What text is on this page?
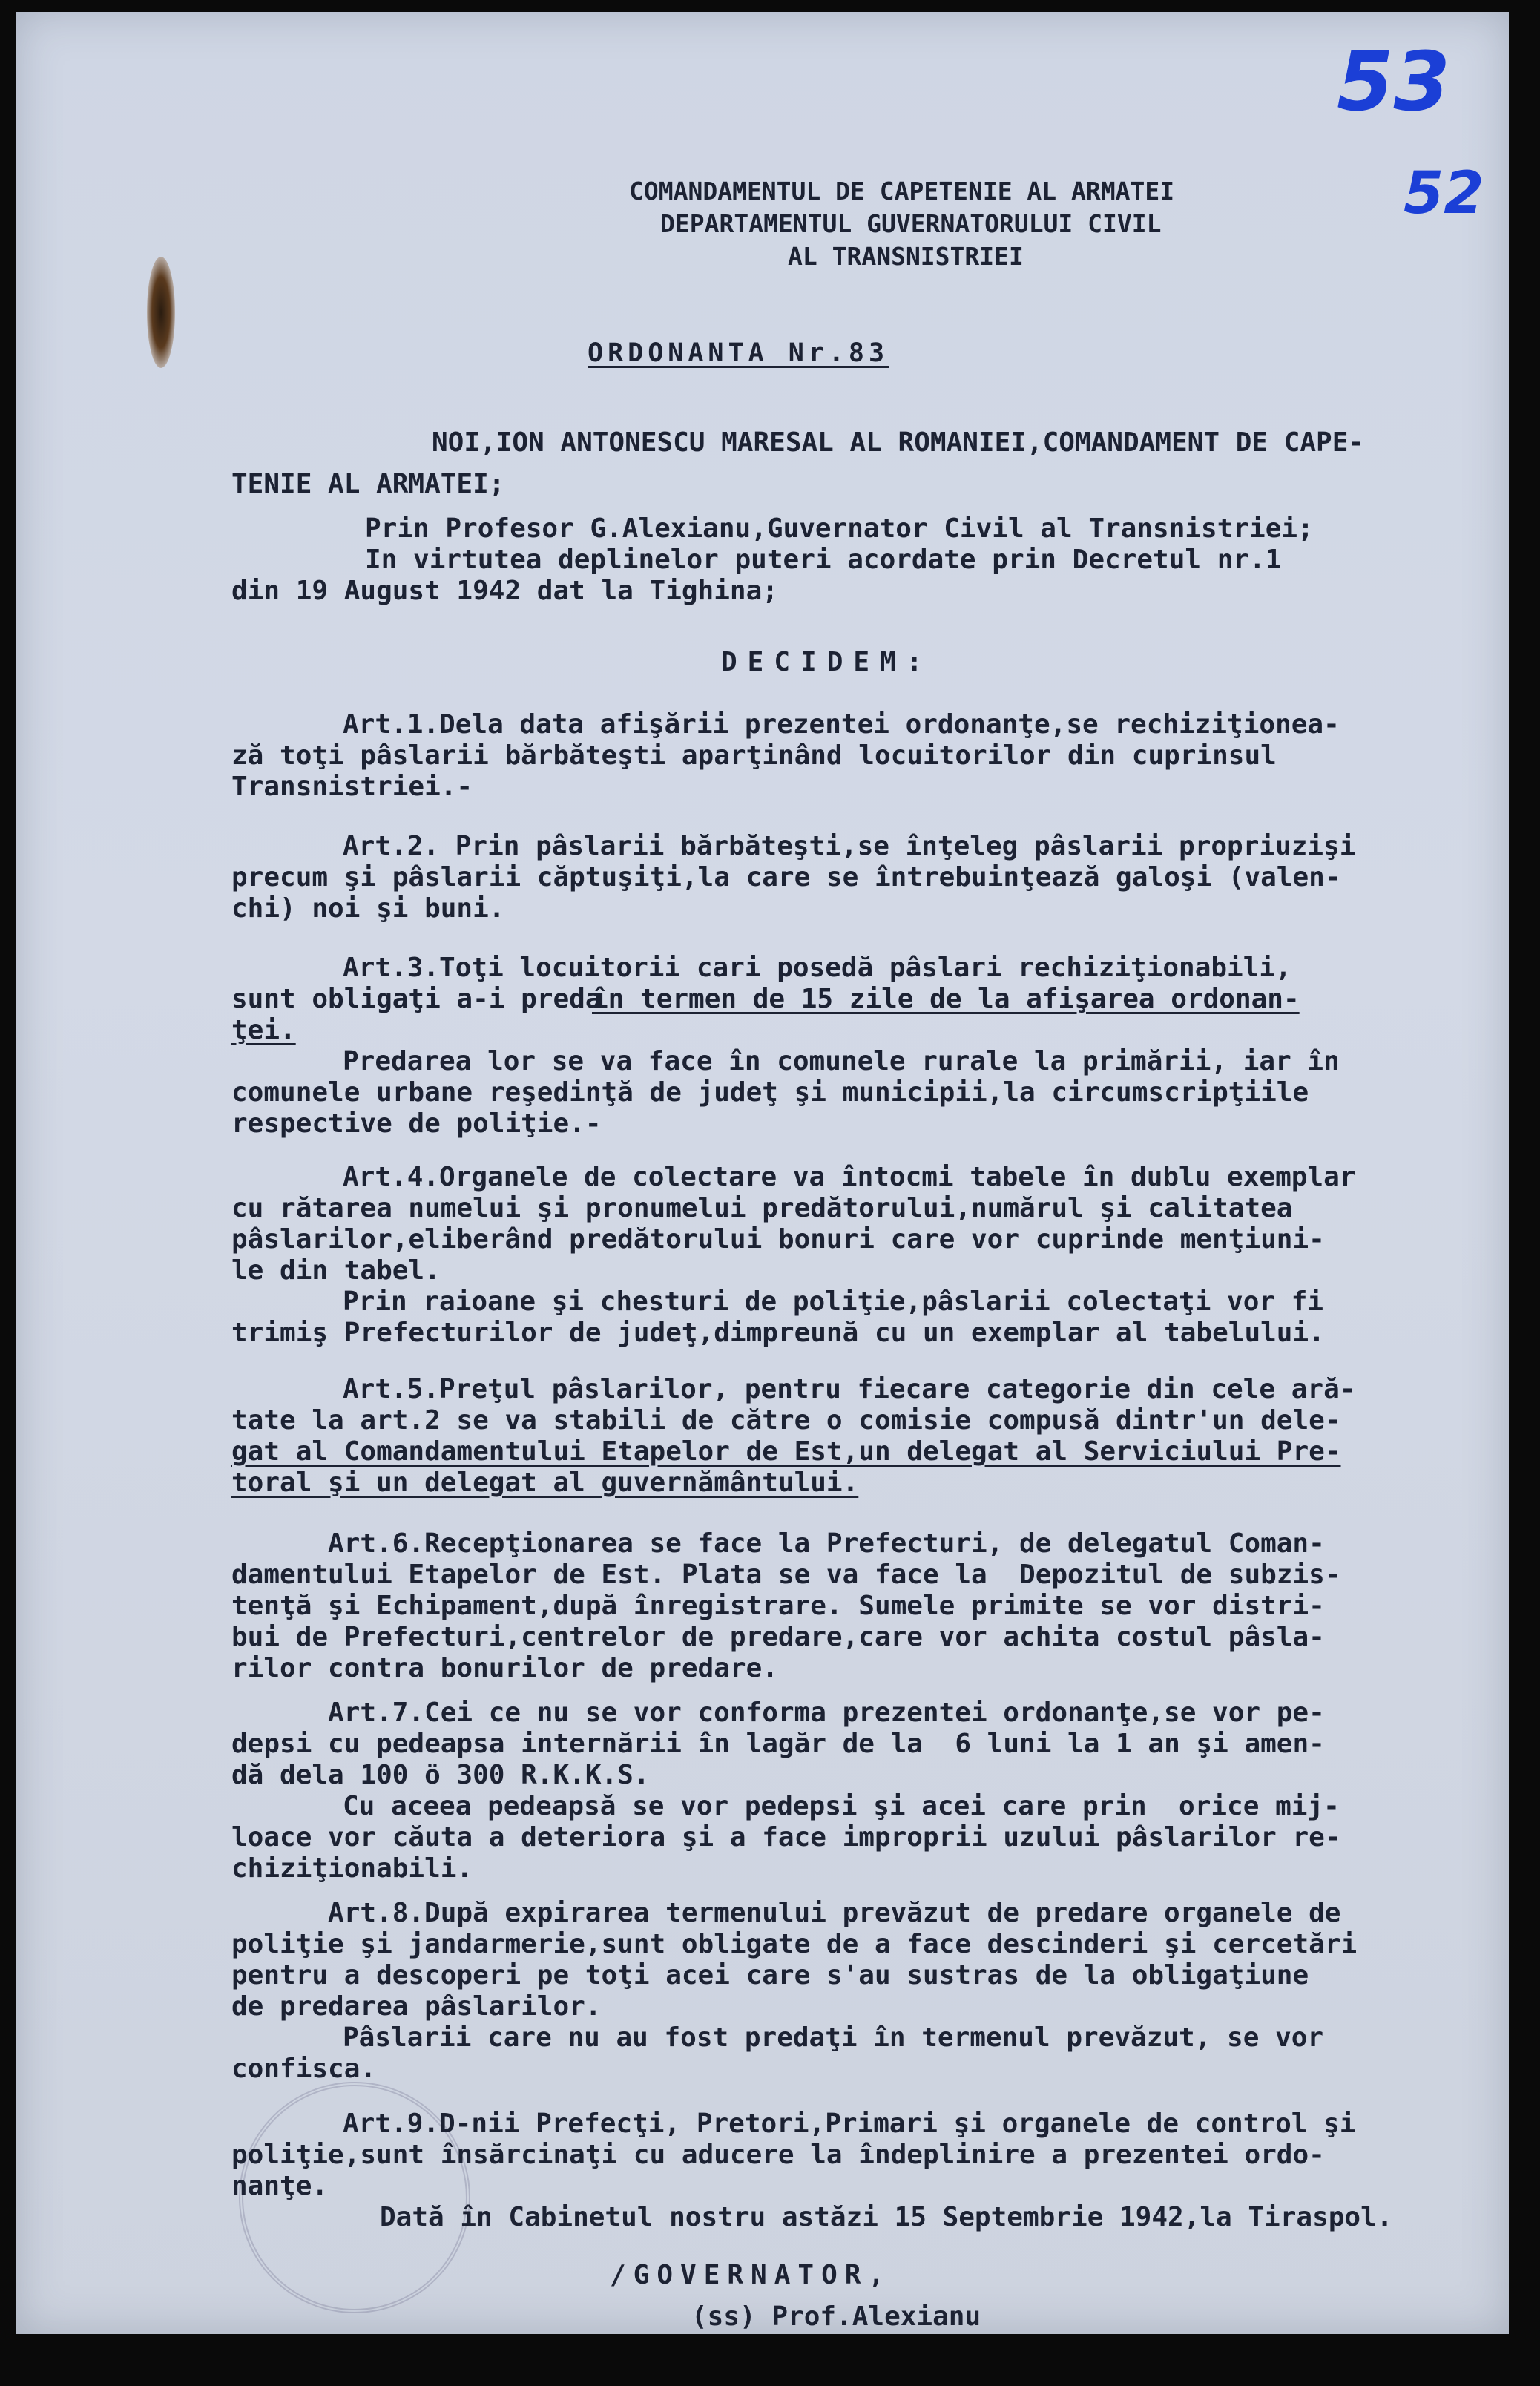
53
52

COMANDAMENTUL DE CAPETENIE AL ARMATEI

DEPARTAMENTUL GUVERNATORULUI CIVIL

AL TRANSNISTRIEI

ORDONANTA Nr.83

NOI,ION ANTONESCU MARESAL AL ROMANIEI,COMANDAMENT DE CAPE-

TENIE AL ARMATEI;

Prin Profesor G.Alexianu,Guvernator Civil al Transnistriei;

In virtutea deplinelor puteri acordate prin Decretul nr.1

din 19 August 1942 dat la Tighina;

DECIDEM:

Art.1.Dela data afişării prezentei ordonanţe,se rechiziţionea-

ză toţi pâslarii bărbăteşti aparţinând locuitorilor din cuprinsul

Transnistriei.-

Art.2. Prin pâslarii bărbăteşti,se înţeleg pâslarii propriuzişi

precum şi pâslarii căptuşiţi,la care se întrebuinţează galoşi (valen-

chi) noi şi buni.

Art.3.Toţi locuitorii cari posedă pâslari rechiziţionabili,

sunt obligaţi a-i preda

în termen de 15 zile de la afişarea ordonan-

ţei.

Predarea lor se va face în comunele rurale la primării, iar în

comunele urbane reşedinţă de judeţ şi municipii,la circumscripţiile

respective de poliţie.-

Art.4.Organele de colectare va întocmi tabele în dublu exemplar

cu rătarea numelui şi pronumelui predătorului,numărul şi calitatea

pâslarilor,eliberând predătorului bonuri care vor cuprinde menţiuni-

le din tabel.

Prin raioane şi chesturi de poliţie,pâslarii colectaţi vor fi

trimiş Prefecturilor de judeţ,dimpreună cu un exemplar al tabelului.

Art.5.Preţul pâslarilor, pentru fiecare categorie din cele ară-

tate la art.2 se va stabili de către o comisie compusă dintr'un dele-

gat al Comandamentului Etapelor de Est,un delegat al Serviciului Pre-

toral şi un delegat al guvernământului.

Art.6.Recepţionarea se face la Prefecturi, de delegatul Coman-

damentului Etapelor de Est. Plata se va face la  Depozitul de subzis-

tenţă şi Echipament,după înregistrare. Sumele primite se vor distri-

bui de Prefecturi,centrelor de predare,care vor achita costul pâsla-

rilor contra bonurilor de predare.

Art.7.Cei ce nu se vor conforma prezentei ordonanţe,se vor pe-

depsi cu pedeapsa internării în lagăr de la  6 luni la 1 an şi amen-

dă dela 100 ö 300 R.K.K.S.

Cu aceea pedeapsă se vor pedepsi şi acei care prin  orice mij-

loace vor căuta a deteriora şi a face improprii uzului pâslarilor re-

chiziţionabili.

Art.8.După expirarea termenului prevăzut de predare organele de

poliţie şi jandarmerie,sunt obligate de a face descinderi şi cercetări

pentru a descoperi pe toţi acei care s'au sustras de la obligaţiune

de predarea pâslarilor.

Pâslarii care nu au fost predaţi în termenul prevăzut, se vor

confisca.

Art.9.D-nii Prefecţi, Pretori,Primari şi organele de control şi

poliţie,sunt însărcinaţi cu aducere la îndeplinire a prezentei ordo-

nanţe.

Dată în Cabinetul nostru astăzi 15 Septembrie 1942,la Tiraspol.

/GOVERNATOR,

(ss) Prof.Alexianu
